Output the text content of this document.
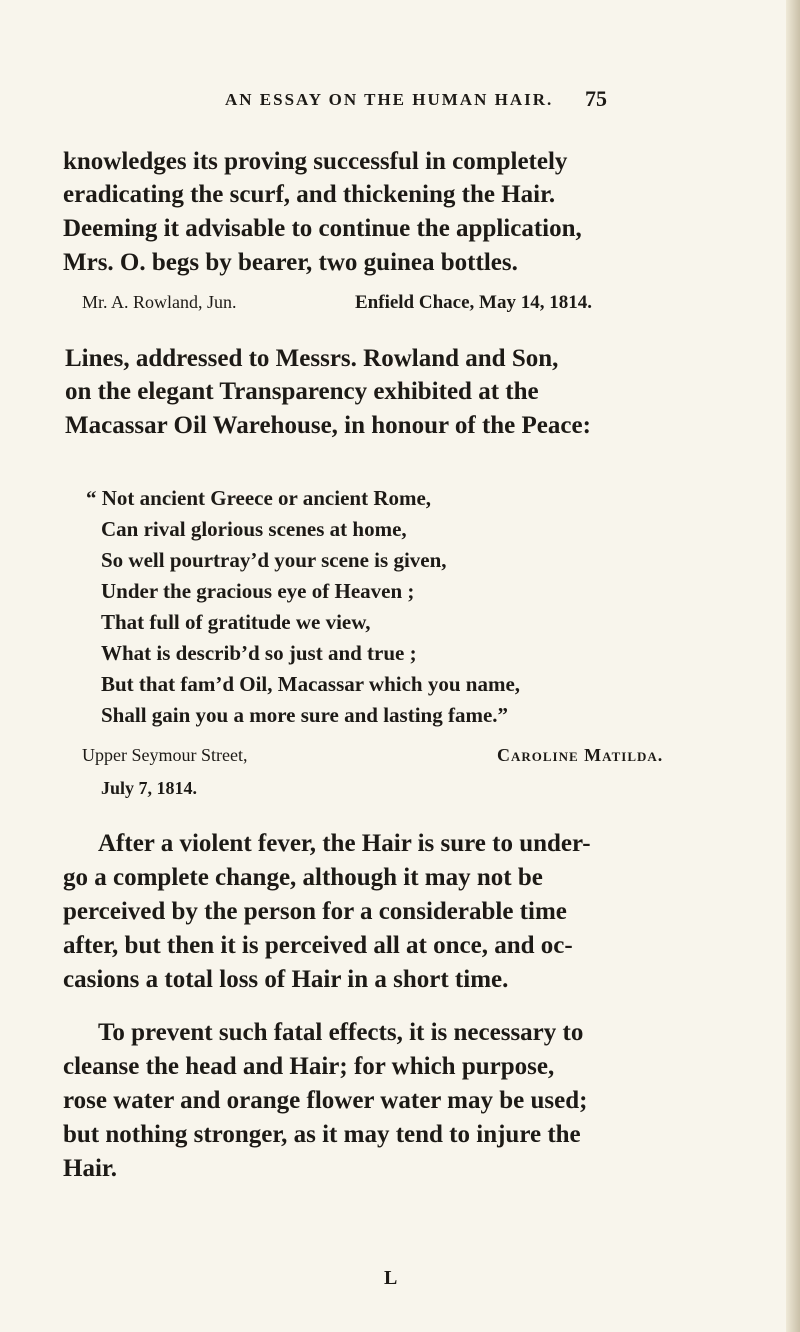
AN ESSAY ON THE HUMAN HAIR. 75
knowledges its proving successful in completely
eradicating the scurf, and thickening the Hair.
Deeming it advisable to continue the application,
Mrs. O. begs by bearer, two guinea bottles.
Mr. A. Rowland, Jun.	Enfield Chace, May 14, 1814.
Lines, addressed to Messrs. Rowland and Son,
on the elegant Transparency exhibited at the
Macassar Oil Warehouse, in honour of the Peace:
“ Not ancient Greece or ancient Rome,
Can rival glorious scenes at home,
So well pourtray’d your scene is given,
Under the gracious eye of Heaven ;
That full of gratitude we view,
What is describ’d so just and true ;
But that fam’d Oil, Macassar which you name,
Shall gain you a more sure and lasting fame.”
Upper Seymour Street,	Caroline Matilda.
July 7, 1814.
After a violent fever, the Hair is sure to under-
go a complete change, although it may not be
perceived by the person for a considerable time
after, but then it is perceived all at once, and oc-
casions a total loss of Hair in a short time.
To prevent such fatal effects, it is necessary to
cleanse the head and Hair; for which purpose,
rose water and orange flower water may be used;
but nothing stronger, as it may tend to injure the
Hair.
L
